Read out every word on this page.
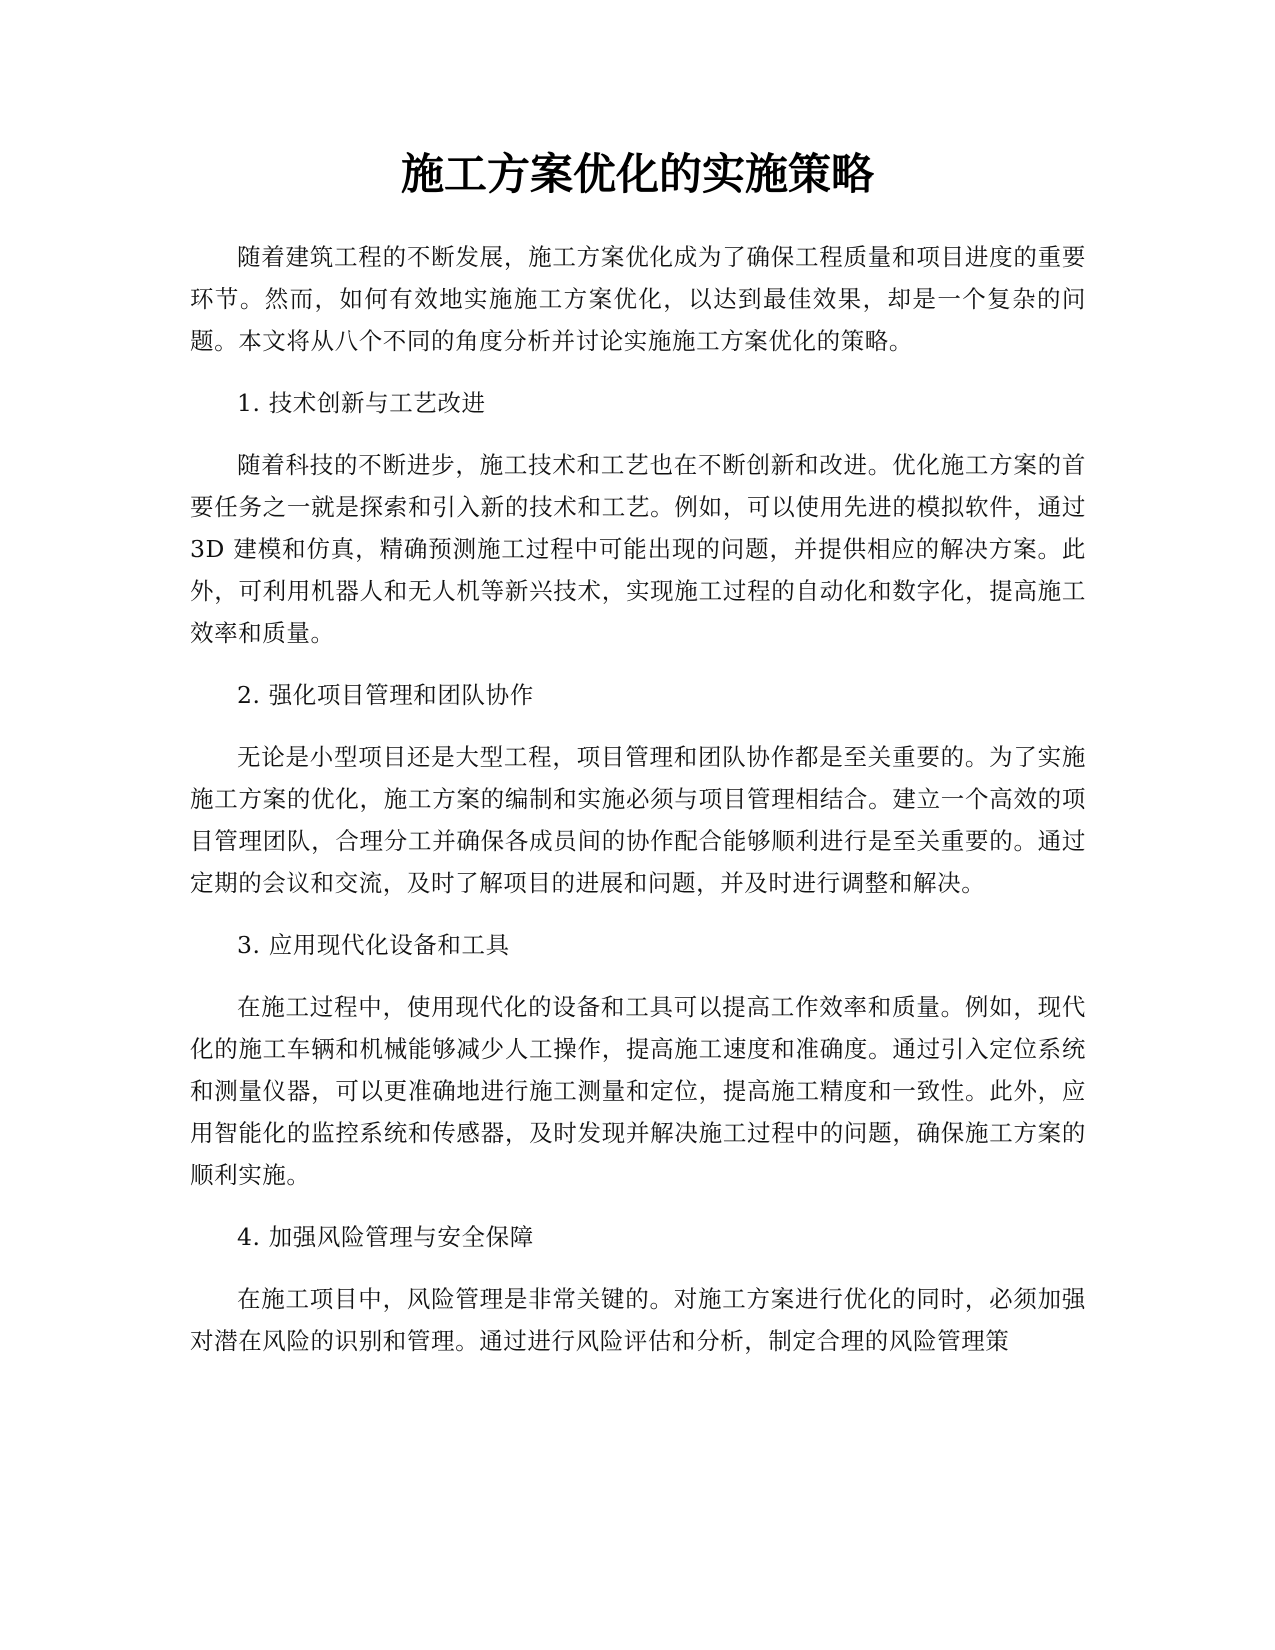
施工方案优化的实施策略

随着建筑工程的不断发展，施工方案优化成为了确保工程质量和项目进度的重要环节。然而，如何有效地实施施工方案优化，以达到最佳效果，却是一个复杂的问题。本文将从八个不同的角度分析并讨论实施施工方案优化的策略。

1. 技术创新与工艺改进

随着科技的不断进步，施工技术和工艺也在不断创新和改进。优化施工方案的首要任务之一就是探索和引入新的技术和工艺。例如，可以使用先进的模拟软件，通过 3D 建模和仿真，精确预测施工过程中可能出现的问题，并提供相应的解决方案。此外，可利用机器人和无人机等新兴技术，实现施工过程的自动化和数字化，提高施工效率和质量。

2. 强化项目管理和团队协作

无论是小型项目还是大型工程，项目管理和团队协作都是至关重要的。为了实施施工方案的优化，施工方案的编制和实施必须与项目管理相结合。建立一个高效的项目管理团队，合理分工并确保各成员间的协作配合能够顺利进行是至关重要的。通过定期的会议和交流，及时了解项目的进展和问题，并及时进行调整和解决。

3. 应用现代化设备和工具

在施工过程中，使用现代化的设备和工具可以提高工作效率和质量。例如，现代化的施工车辆和机械能够减少人工操作，提高施工速度和准确度。通过引入定位系统和测量仪器，可以更准确地进行施工测量和定位，提高施工精度和一致性。此外，应用智能化的监控系统和传感器，及时发现并解决施工过程中的问题，确保施工方案的顺利实施。

4. 加强风险管理与安全保障

在施工项目中，风险管理是非常关键的。对施工方案进行优化的同时，必须加强对潜在风险的识别和管理。通过进行风险评估和分析，制定合理的风险管理策
